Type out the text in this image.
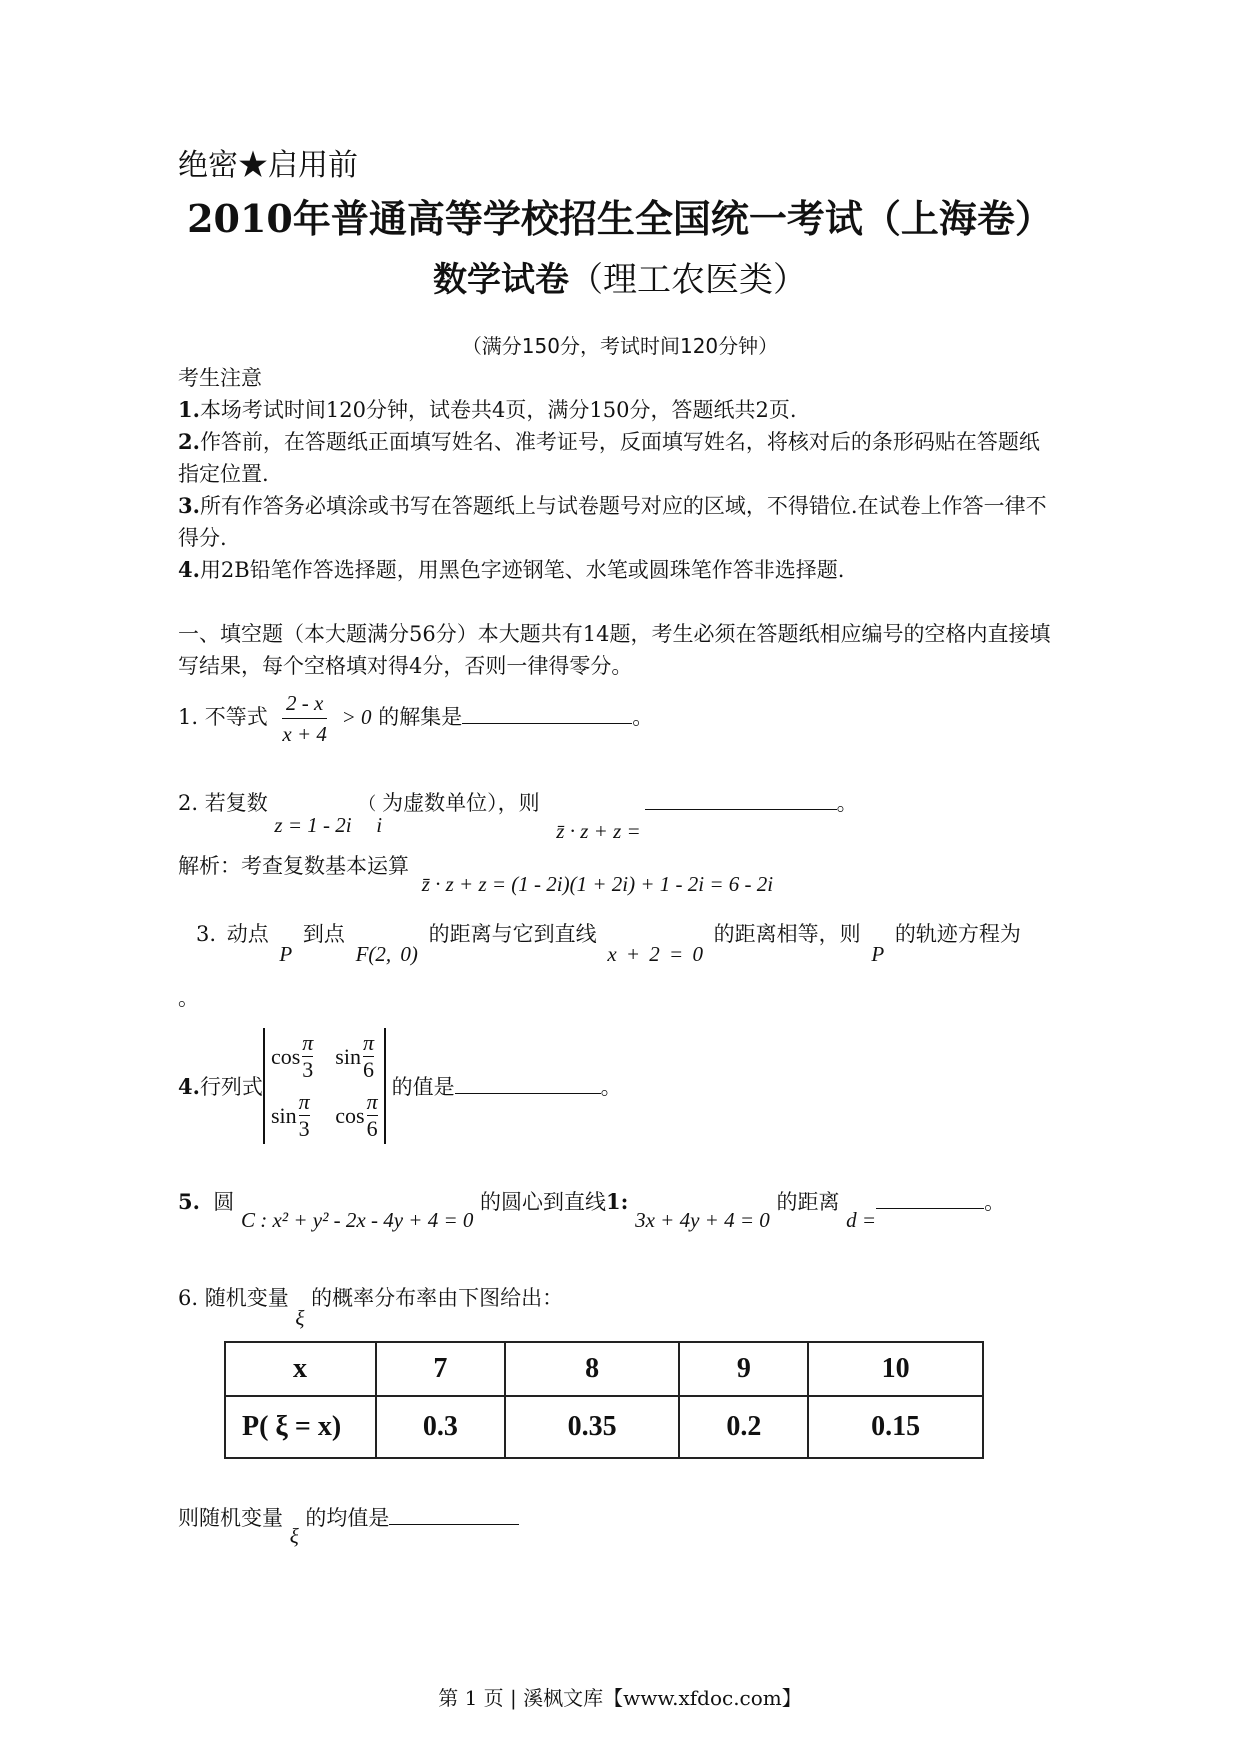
绝密★启用前
2010年普通高等学校招生全国统一考试（上海卷）
数学试卷（理工农医类）
（满分150分，考试时间120分钟）
考生注意
1.本场考试时间120分钟，试卷共4页，满分150分，答题纸共2页.
2.作答前，在答题纸正面填写姓名、准考证号，反面填写姓名，将核对后的条形码贴在答题纸指定位置.
3.所有作答务必填涂或书写在答题纸上与试卷题号对应的区域，不得错位.在试卷上作答一律不得分.
4.用2B铅笔作答选择题，用黑色字迹钢笔、水笔或圆珠笔作答非选择题.
一、填空题（本大题满分56分）本大题共有14题，考生必须在答题纸相应编号的空格内直接填写结果，每个空格填对得4分，否则一律得零分。
1. 不等式 $\frac{2 - x}{x + 4} > 0$ 的解集是	。
2. 若复数 z = 1 - 2i （i为虚数单位），则 z̄ · z + z =。
解析：考查复数基本运算 z̄ · z + z = (1 - 2i)(1 + 2i) + 1 - 2i = 6 - 2i
3. 动点 P 到点 F(2, 0) 的距离与它到直线 x + 2 = 0 的距离相等，则 P 的轨迹方程为
。
4. 行列式
$\cos \frac{\pi}{3}$ $\sin \frac{\pi}{6}$
$\sin \frac{\pi}{3}$ $\cos \frac{\pi}{6}$
的值是	。
5. 圆 C : x² + y² - 2x - 4y + 4 = 0 的圆心到直线1: 3x + 4y + 4 = 0 的距离 d =。
6. 随机变量 ξ 的概率分布率由下图给出：
x	7	8	9	10
P( ξ = x)	0.3	0.35	0.2	0.15
则随机变量 ξ 的均值是
第 1 页 | 溪枫文库【www.xfdoc.com】
